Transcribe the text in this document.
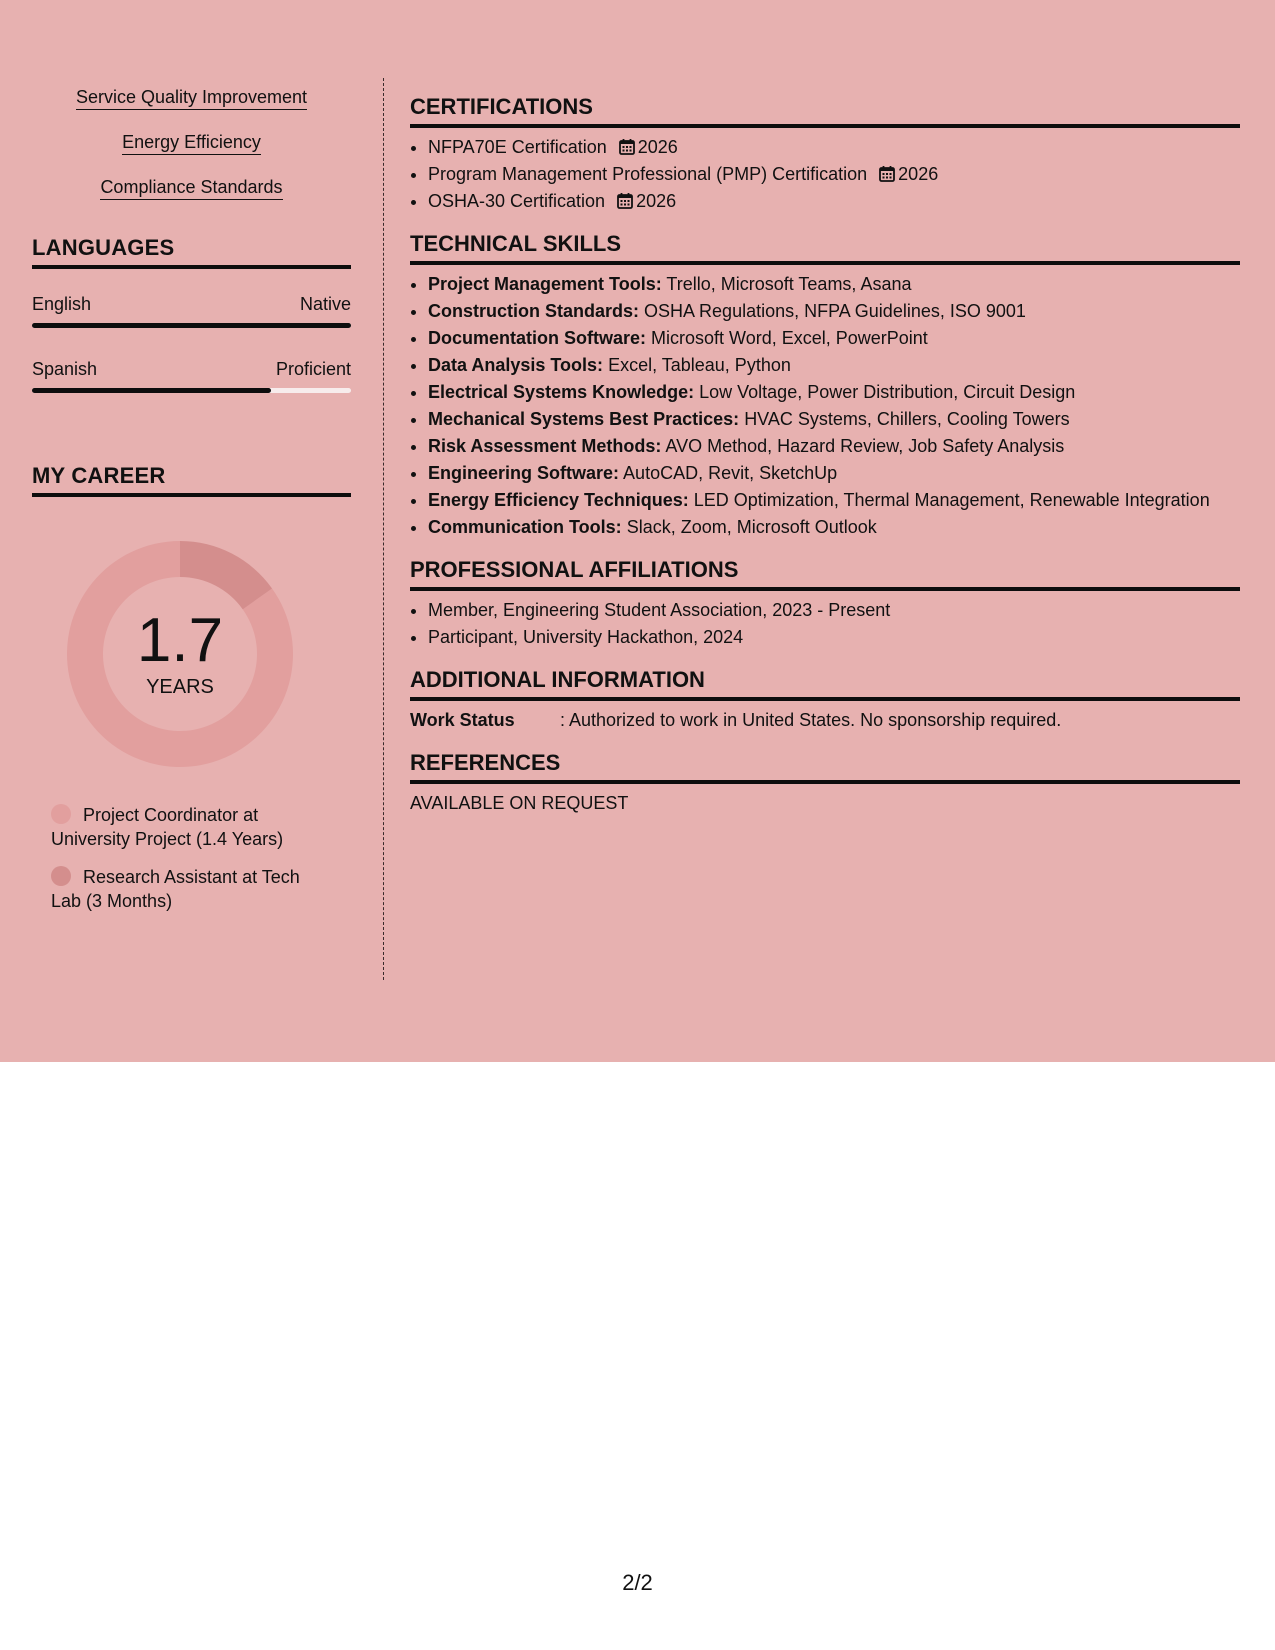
Service Quality Improvement
Energy Efficiency
Compliance Standards
LANGUAGES
English	Native
Spanish	Proficient
MY CAREER
1.7
YEARS
Project Coordinator at University Project (1.4 Years)
Research Assistant at Tech Lab (3 Months)
CERTIFICATIONS
• NFPA70E Certification 2026
• Program Management Professional (PMP) Certification 2026
• OSHA-30 Certification 2026
TECHNICAL SKILLS
• Project Management Tools: Trello, Microsoft Teams, Asana
• Construction Standards: OSHA Regulations, NFPA Guidelines, ISO 9001
• Documentation Software: Microsoft Word, Excel, PowerPoint
• Data Analysis Tools: Excel, Tableau, Python
• Electrical Systems Knowledge: Low Voltage, Power Distribution, Circuit Design
• Mechanical Systems Best Practices: HVAC Systems, Chillers, Cooling Towers
• Risk Assessment Methods: AVO Method, Hazard Review, Job Safety Analysis
• Engineering Software: AutoCAD, Revit, SketchUp
• Energy Efficiency Techniques: LED Optimization, Thermal Management, Renewable Integration
• Communication Tools: Slack, Zoom, Microsoft Outlook
PROFESSIONAL AFFILIATIONS
• Member, Engineering Student Association, 2023 - Present
• Participant, University Hackathon, 2024
ADDITIONAL INFORMATION
Work Status	: Authorized to work in United States. No sponsorship required.
REFERENCES
AVAILABLE ON REQUEST
2/2
